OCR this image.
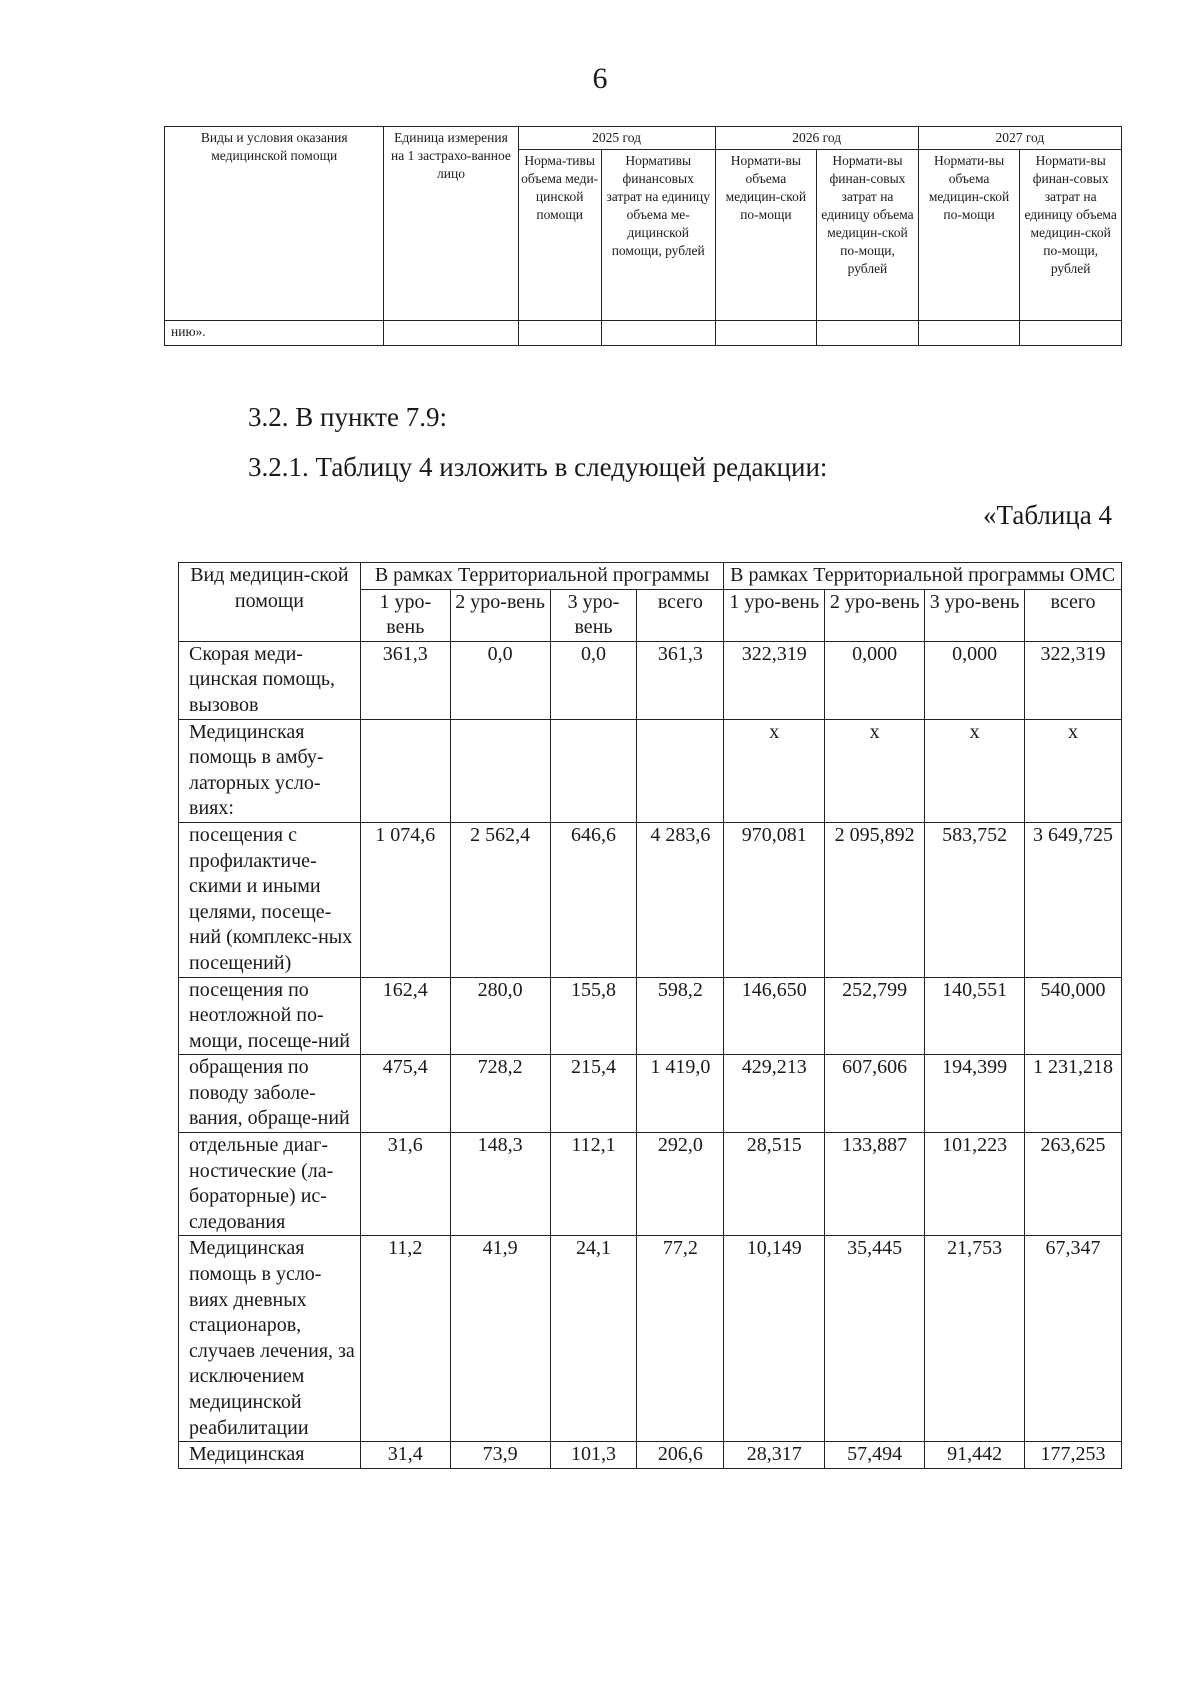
6
Виды и условия оказания медицинской помощи	Единица измерения на 1 застрахо-ванное лицо	2025 год		2026 год		2027 год	
		Норма-тивы объема меди-цинской помощи	Нормативы финансовых затрат на единицу объема ме-дицинской помощи, рублей	Нормати-вы объема медицин-ской по-мощи	Нормати-вы финан-совых затрат на единицу объема медицин-ской по-мощи, рублей	Нормати-вы объема медицин-ской по-мощи	Нормати-вы финан-совых затрат на единицу объема медицин-ской по-мощи, рублей
нию».							
3.2. В пункте 7.9:
3.2.1. Таблицу 4 изложить в следующей редакции:
«Таблица 4
Вид медицин-ской помощи	В рамках Территориальной программы				В рамках Территориальной программы ОМС			
	1 уро-вень	2 уро-вень	3 уро-вень	всего	1 уро-вень	2 уро-вень	3 уро-вень	всего
Скорая меди-цинская помощь, вызовов	361,3	0,0	0,0	361,3	322,319	0,000	0,000	322,319
Медицинская помощь в амбу-латорных усло-виях:					х	х	х	х
посещения с профилактиче-скими и иными целями, посеще-ний (комплекс-ных посещений)	1 074,6	2 562,4	646,6	4 283,6	970,081	2 095,892	583,752	3 649,725
посещения по неотложной по-мощи, посеще-ний	162,4	280,0	155,8	598,2	146,650	252,799	140,551	540,000
обращения по поводу заболе-вания, обраще-ний	475,4	728,2	215,4	1 419,0	429,213	607,606	194,399	1 231,218
отдельные диаг-ностические (ла-бораторные) ис-следования	31,6	148,3	112,1	292,0	28,515	133,887	101,223	263,625
Медицинская помощь в усло-виях дневных стационаров, случаев лечения, за исключением медицинской реабилитации	11,2	41,9	24,1	77,2	10,149	35,445	21,753	67,347
Медицинская	31,4	73,9	101,3	206,6	28,317	57,494	91,442	177,253
